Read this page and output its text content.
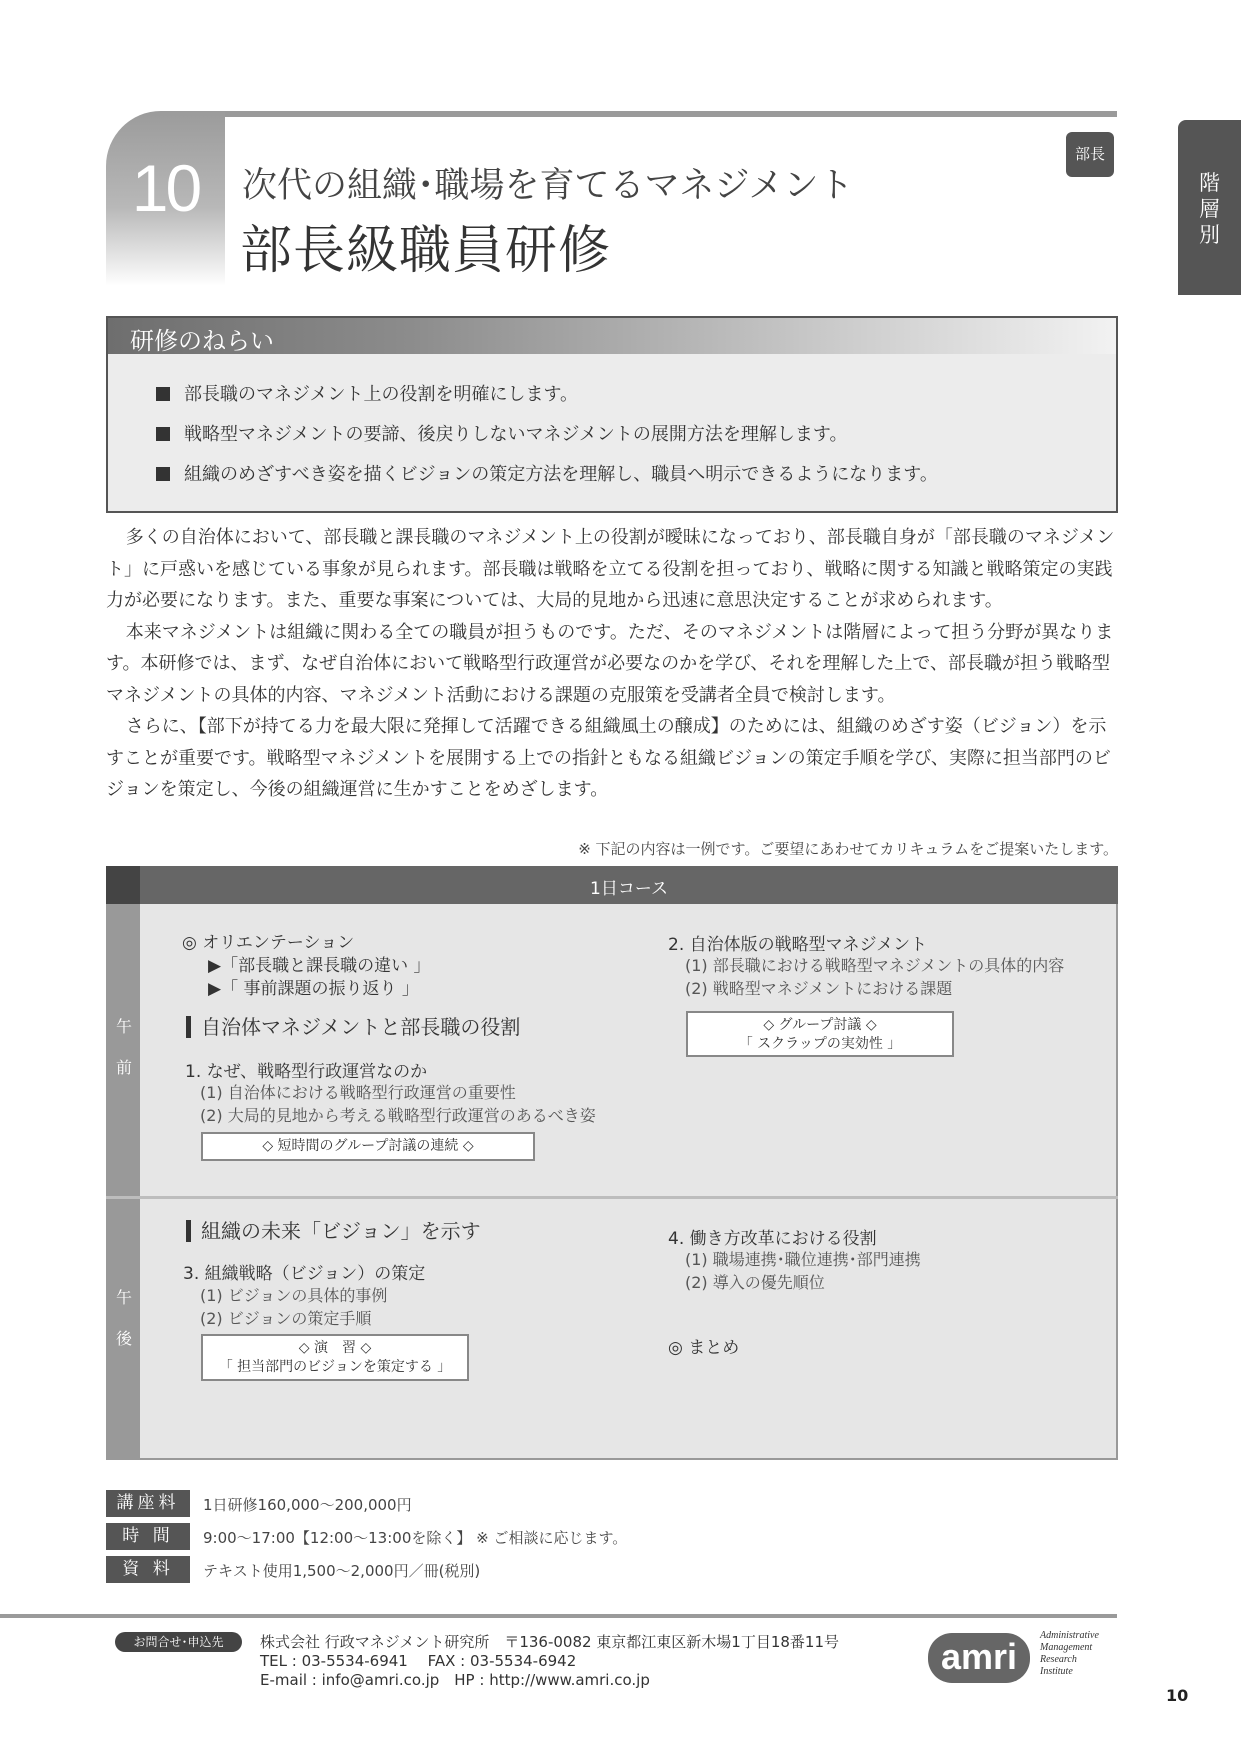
10	次代の組織･職場を育てるマネジメント
部長級職員研修
部長
階
層
別
研修のねらい
部長職のマネジメント上の役割を明確にします。
戦略型マネジメントの要諦、後戻りしないマネジメントの展開方法を理解します。
組織のめざすべき姿を描くビジョンの策定方法を理解し、職員へ明示できるようになります。

多くの自治体において、部長職と課長職のマネジメント上の役割が曖昧になっており、部長職自身が「部長職のマネジメント」に戸惑いを感じている事象が見られます。部長職は戦略を立てる役割を担っており、戦略に関する知識と戦略策定の実践力が必要になります。また、重要な事案については、大局的見地から迅速に意思決定することが求められます。

本来マネジメントは組織に関わる全ての職員が担うものです。ただ、そのマネジメントは階層によって担う分野が異なります。本研修では、まず、なぜ自治体において戦略型行政運営が必要なのかを学び、それを理解した上で、部長職が担う戦略型マネジメントの具体的内容、マネジメント活動における課題の克服策を受講者全員で検討します。

さらに、【部下が持てる力を最大限に発揮して活躍できる組織風土の醸成】のためには、組織のめざす姿（ビジョン）を示すことが重要です。戦略型マネジメントを展開する上での指針ともなる組織ビジョンの策定手順を学び、実際に担当部門のビジョンを策定し、今後の組織運営に生かすことをめざします。

※ 下記の内容は一例です。ご要望にあわせてカリキュラムをご提案いたします。
1日コース
午
前
午
後
◎ オリエンテーション
▶「部長職と課長職の違い 」
▶「 事前課題の振り返り 」
自治体マネジメントと部長職の役割
1. なぜ、戦略型行政運営なのか
(1) 自治体における戦略型行政運営の重要性
(2) 大局的見地から考える戦略型行政運営のあるべき姿
◇ 短時間のグループ討議の連続 ◇
2. 自治体版の戦略型マネジメント
(1) 部長職における戦略型マネジメントの具体的内容
(2) 戦略型マネジメントにおける課題
◇ グループ討議 ◇
「 スクラップの実効性 」
組織の未来「ビジョン」を示す
3. 組織戦略（ビジョン）の策定
(1) ビジョンの具体的事例
(2) ビジョンの策定手順
◇ 演　習 ◇
「 担当部門のビジョンを策定する 」
4. 働き方改革における役割
(1) 職場連携･職位連携･部門連携
(2) 導入の優先順位
◎ まとめ
講座料	1日研修160,000～200,000円
時 間	9:00～17:00【12:00～13:00を除く】 ※ ご相談に応じます。
資 料	テキスト使用1,500～2,000円／冊(税別)
お問合せ･申込先	株式会社 行政マネジメント研究所　〒136-0082 東京都江東区新木場1丁目18番11号
TEL : 03-5534-6941　 FAX : 03-5534-6942
E-mail : info@amri.co.jp　HP : http://www.amri.co.jp
amri
Administrative
Management
Research
Institute
10
